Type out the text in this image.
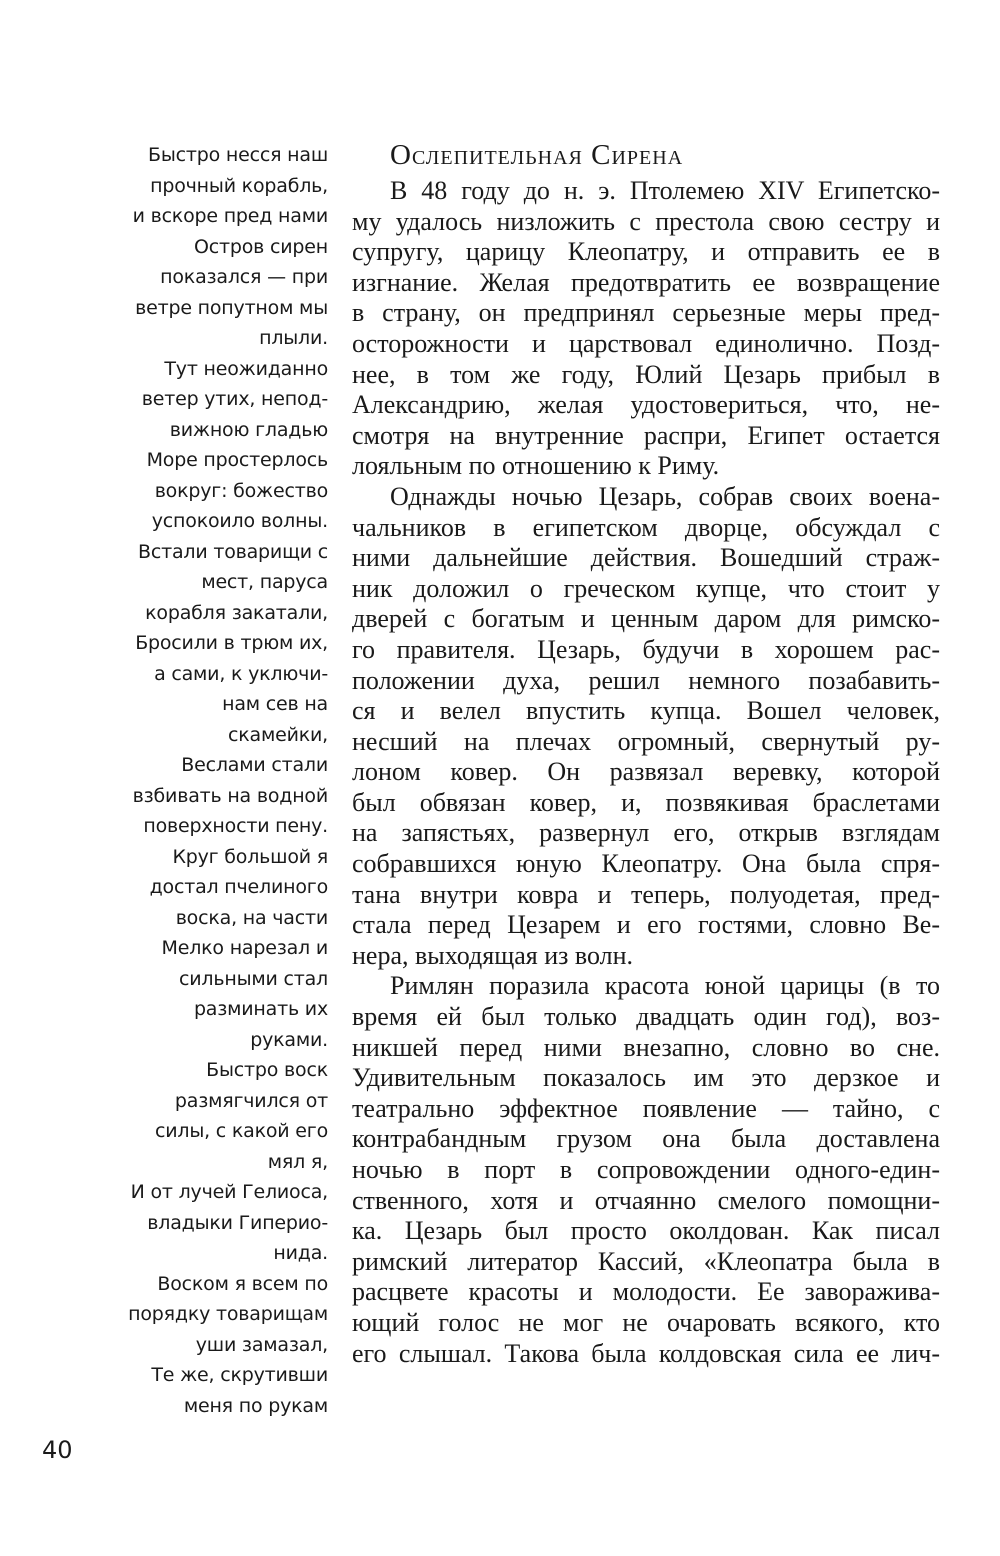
Быстро несся наш
прочный корабль,
и вскоре пред нами
Остров сирен
показался — при
ветре попутном мы
плыли.
Тут неожиданно
ветер утих, непод-
вижною гладью
Море простерлось
вокруг: божество
успокоило волны.
Встали товарищи с
мест, паруса
корабля закатали,
Бросили в трюм их,
а сами, к уключи-
нам сев на
скамейки,
Веслами стали
взбивать на водной
поверхности пену.
Круг большой я
достал пчелиного
воска, на части
Мелко нарезал и
сильными стал
разминать их
руками.
Быстро воск
размягчился от
силы, с какой его
мял я,
И от лучей Гелиоса,
владыки Гиперио-
нида.
Воском я всем по
порядку товарищам
уши замазал,
Те же, скрутивши
меня по рукам
Ослепительная Сирена
В 48 году до н. э. Птолемею XIV Египетско-
му удалось низложить с престола свою сестру и
супругу, царицу Клеопатру, и отправить ее в
изгнание. Желая предотвратить ее возвращение
в страну, он предпринял серьезные меры пред-
осторожности и царствовал единолично. Позд-
нее, в том же году, Юлий Цезарь прибыл в
Александрию, желая удостовериться, что, не-
смотря на внутренние распри, Египет остается
лояльным по отношению к Риму.
Однажды ночью Цезарь, собрав своих воена-
чальников в египетском дворце, обсуждал с
ними дальнейшие действия. Вошедший страж-
ник доложил о греческом купце, что стоит у
дверей с богатым и ценным даром для римско-
го правителя. Цезарь, будучи в хорошем рас-
положении духа, решил немного позабавить-
ся и велел впустить купца. Вошел человек,
несший на плечах огромный, свернутый ру-
лоном ковер. Он развязал веревку, которой
был обвязан ковер, и, позвякивая браслетами
на запястьях, развернул его, открыв взглядам
собравшихся юную Клеопатру. Она была спря-
тана внутри ковра и теперь, полуодетая, пред-
стала перед Цезарем и его гостями, словно Ве-
нера, выходящая из волн.
Римлян поразила красота юной царицы (в то
время ей был только двадцать один год), воз-
никшей перед ними внезапно, словно во сне.
Удивительным показалось им это дерзкое и
театрально эффектное появление — тайно, с
контрабандным грузом она была доставлена
ночью в порт в сопровождении одного-един-
ственного, хотя и отчаянно смелого помощни-
ка. Цезарь был просто околдован. Как писал
римский литератор Кассий, «Клеопатра была в
расцвете красоты и молодости. Ее заворажива-
ющий голос не мог не очаровать всякого, кто
его слышал. Такова была колдовская сила ее лич-
40
